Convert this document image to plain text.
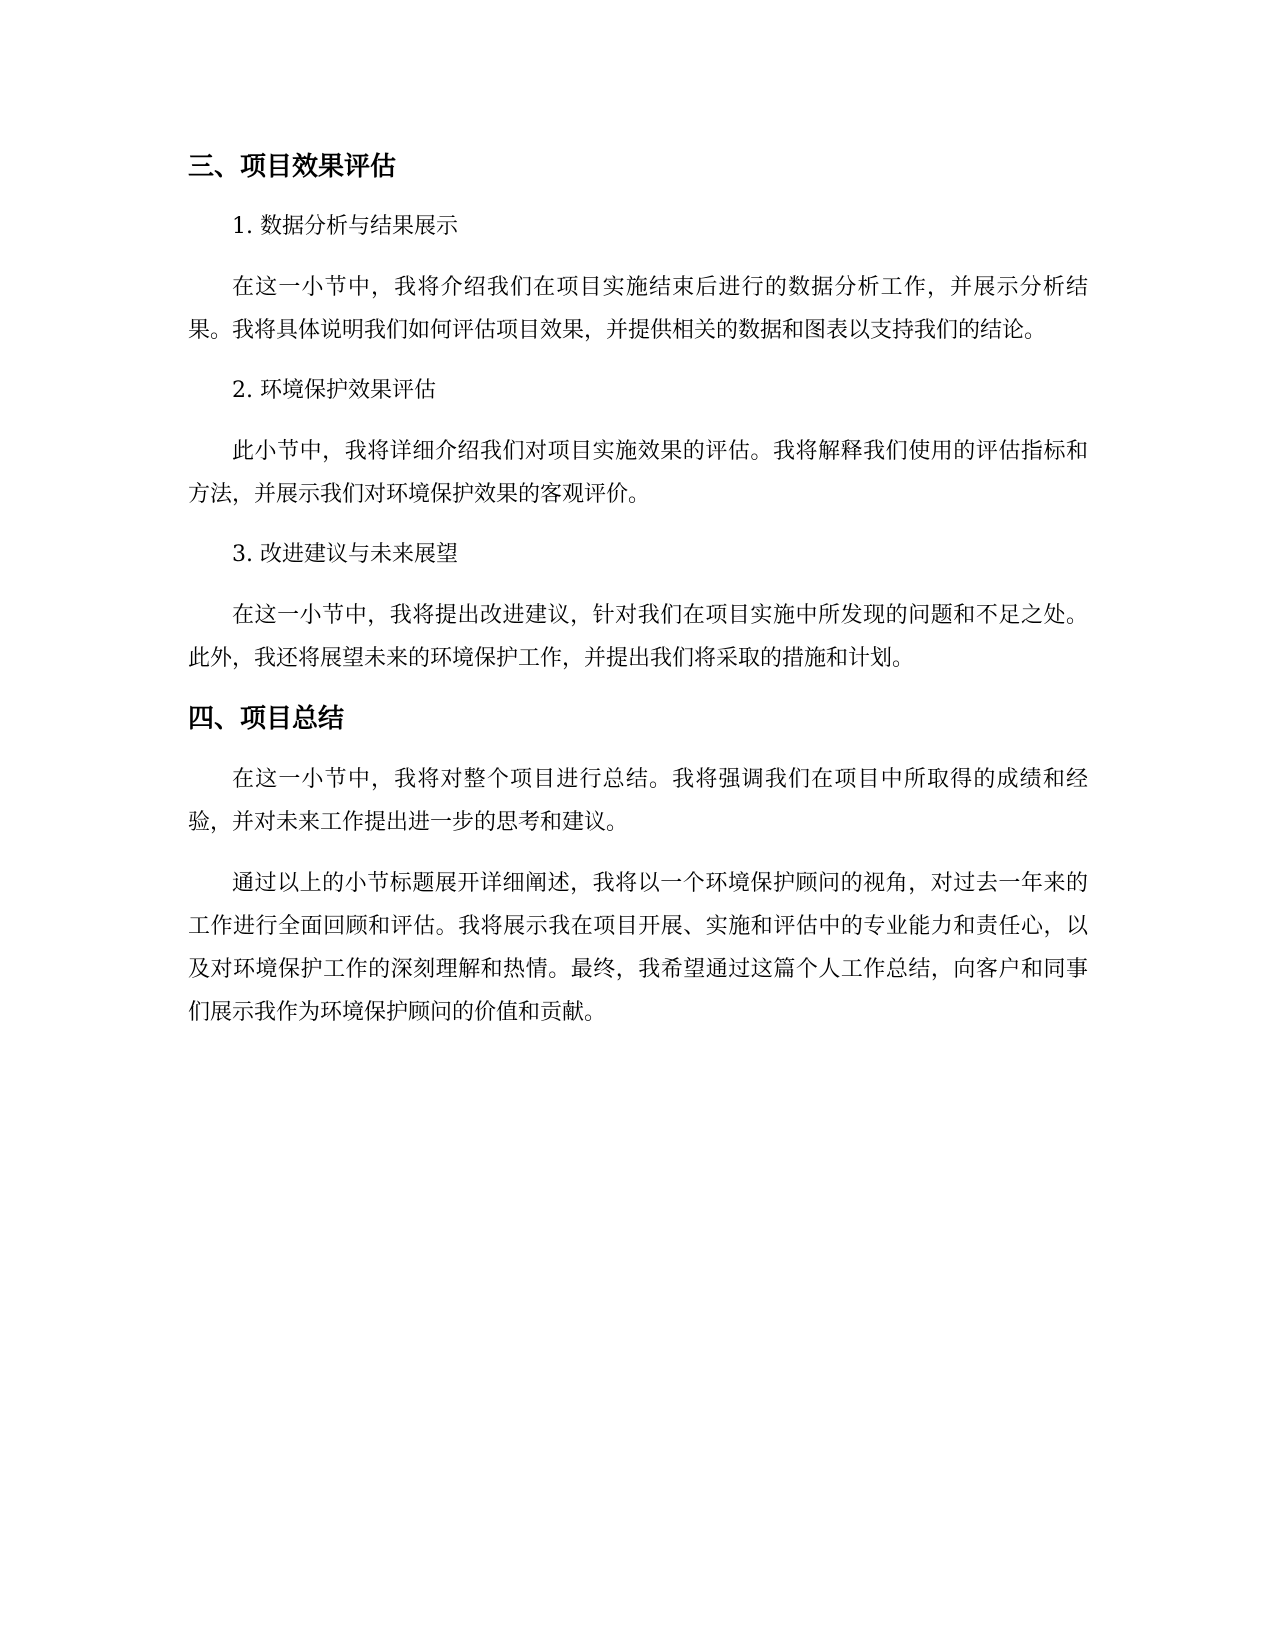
三、项目效果评估

1. 数据分析与结果展示

在这一小节中，我将介绍我们在项目实施结束后进行的数据分析工作，并展示分析结果。我将具体说明我们如何评估项目效果，并提供相关的数据和图表以支持我们的结论。

2. 环境保护效果评估

此小节中，我将详细介绍我们对项目实施效果的评估。我将解释我们使用的评估指标和方法，并展示我们对环境保护效果的客观评价。

3. 改进建议与未来展望

在这一小节中，我将提出改进建议，针对我们在项目实施中所发现的问题和不足之处。此外，我还将展望未来的环境保护工作，并提出我们将采取的措施和计划。

四、项目总结

在这一小节中，我将对整个项目进行总结。我将强调我们在项目中所取得的成绩和经验，并对未来工作提出进一步的思考和建议。

通过以上的小节标题展开详细阐述，我将以一个环境保护顾问的视角，对过去一年来的工作进行全面回顾和评估。我将展示我在项目开展、实施和评估中的专业能力和责任心，以及对环境保护工作的深刻理解和热情。最终，我希望通过这篇个人工作总结，向客户和同事们展示我作为环境保护顾问的价值和贡献。
